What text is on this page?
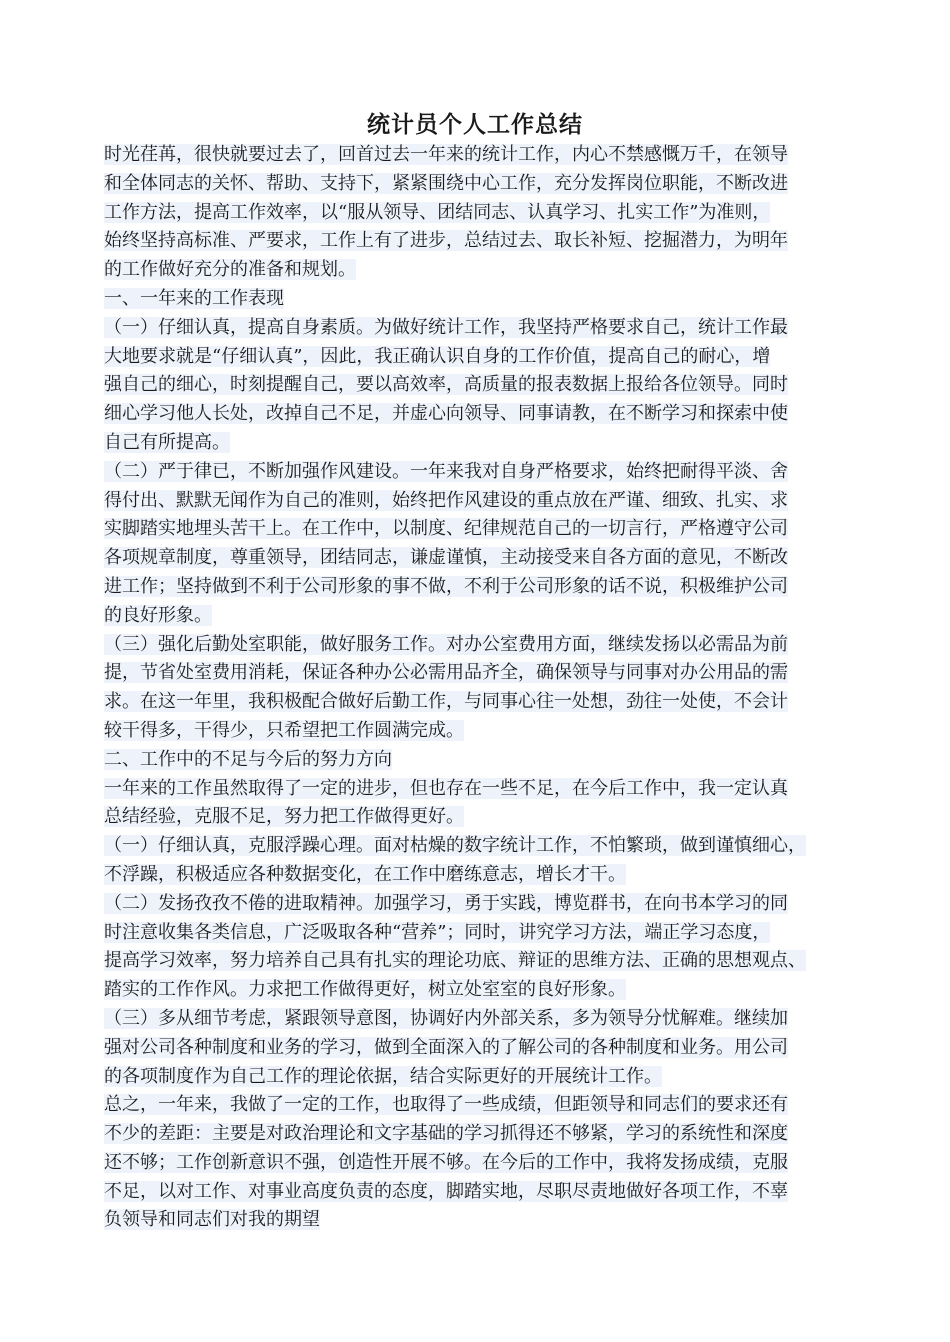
统计员个人工作总结
时光荏苒，很快就要过去了，回首过去一年来的统计工作，内心不禁感慨万千，在领导
和全体同志的关怀、帮助、支持下，紧紧围绕中心工作，充分发挥岗位职能，不断改进
工作方法，提高工作效率，以“服从领导、团结同志、认真学习、扎实工作”为准则，
始终坚持高标准、严要求，工作上有了进步，总结过去、取长补短、挖掘潜力，为明年
的工作做好充分的准备和规划。
一、一年来的工作表现
（一）仔细认真，提高自身素质。为做好统计工作，我坚持严格要求自己，统计工作最
大地要求就是“仔细认真”，因此，我正确认识自身的工作价值，提高自己的耐心，增
强自己的细心，时刻提醒自己，要以高效率，高质量的报表数据上报给各位领导。同时
细心学习他人长处，改掉自己不足，并虚心向领导、同事请教，在不断学习和探索中使
自己有所提高。
（二）严于律已，不断加强作风建设。一年来我对自身严格要求，始终把耐得平淡、舍
得付出、默默无闻作为自己的准则，始终把作风建设的重点放在严谨、细致、扎实、求
实脚踏实地埋头苦干上。在工作中，以制度、纪律规范自己的一切言行，严格遵守公司
各项规章制度，尊重领导，团结同志，谦虚谨慎，主动接受来自各方面的意见，不断改
进工作；坚持做到不利于公司形象的事不做，不利于公司形象的话不说，积极维护公司
的良好形象。
（三）强化后勤处室职能，做好服务工作。对办公室费用方面，继续发扬以必需品为前
提，节省处室费用消耗，保证各种办公必需用品齐全，确保领导与同事对办公用品的需
求。在这一年里，我积极配合做好后勤工作，与同事心往一处想，劲往一处使，不会计
较干得多，干得少，只希望把工作圆满完成。
二、工作中的不足与今后的努力方向
一年来的工作虽然取得了一定的进步，但也存在一些不足，在今后工作中，我一定认真
总结经验，克服不足，努力把工作做得更好。
（一）仔细认真，克服浮躁心理。面对枯燥的数字统计工作，不怕繁琐，做到谨慎细心，
不浮躁，积极适应各种数据变化，在工作中磨练意志，增长才干。
（二）发扬孜孜不倦的进取精神。加强学习，勇于实践，博览群书，在向书本学习的同
时注意收集各类信息，广泛吸取各种“营养”；同时，讲究学习方法，端正学习态度，
提高学习效率，努力培养自己具有扎实的理论功底、辩证的思维方法、正确的思想观点、
踏实的工作作风。力求把工作做得更好，树立处室室的良好形象。
（三）多从细节考虑，紧跟领导意图，协调好内外部关系，多为领导分忧解难。继续加
强对公司各种制度和业务的学习，做到全面深入的了解公司的各种制度和业务。用公司
的各项制度作为自己工作的理论依据，结合实际更好的开展统计工作。
总之，一年来，我做了一定的工作，也取得了一些成绩，但距领导和同志们的要求还有
不少的差距：主要是对政治理论和文字基础的学习抓得还不够紧，学习的系统性和深度
还不够；工作创新意识不强，创造性开展不够。在今后的工作中，我将发扬成绩，克服
不足，以对工作、对事业高度负责的态度，脚踏实地，尽职尽责地做好各项工作，不辜
负领导和同志们对我的期望
